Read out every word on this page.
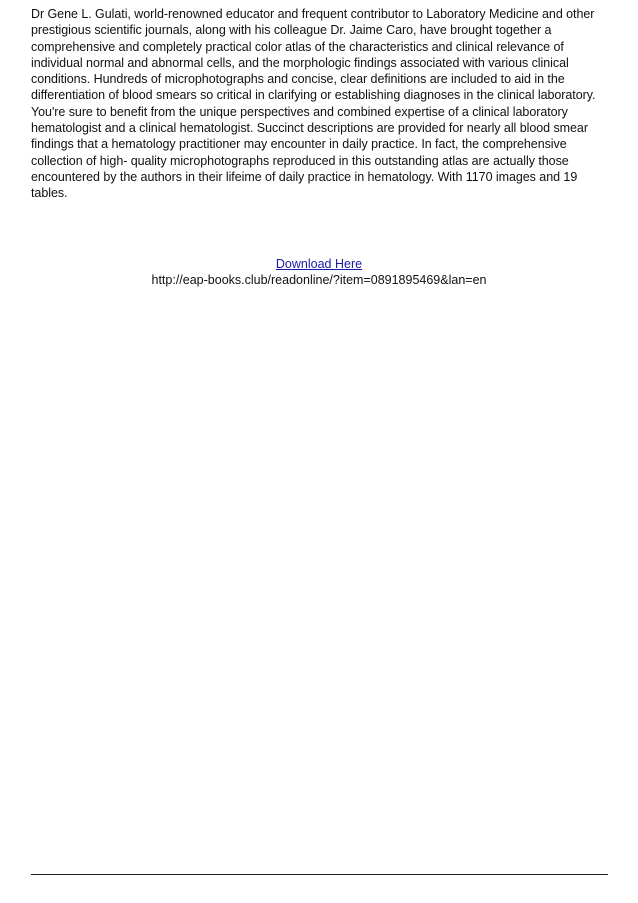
Dr Gene L. Gulati, world-renowned educator and frequent contributor to Laboratory Medicine and other prestigious scientific journals, along with his colleague Dr. Jaime Caro, have brought together a comprehensive and completely practical color atlas of the characteristics and clinical relevance of individual normal and abnormal cells, and the morphologic findings associated with various clinical conditions. Hundreds of microphotographs and concise, clear definitions are included to aid in the differentiation of blood smears so critical in clarifying or establishing diagnoses in the clinical laboratory. You're sure to benefit from the unique perspectives and combined expertise of a clinical laboratory hematologist and a clinical hematologist. Succinct descriptions are provided for nearly all blood smear findings that a hematology practitioner may encounter in daily practice. In fact, the comprehensive collection of high- quality microphotographs reproduced in this outstanding atlas are actually those encountered by the authors in their lifeime of daily practice in hematology. With 1170 images and 19 tables.

Download Here
http://eap-books.club/readonline/?item=0891895469&lan=en
